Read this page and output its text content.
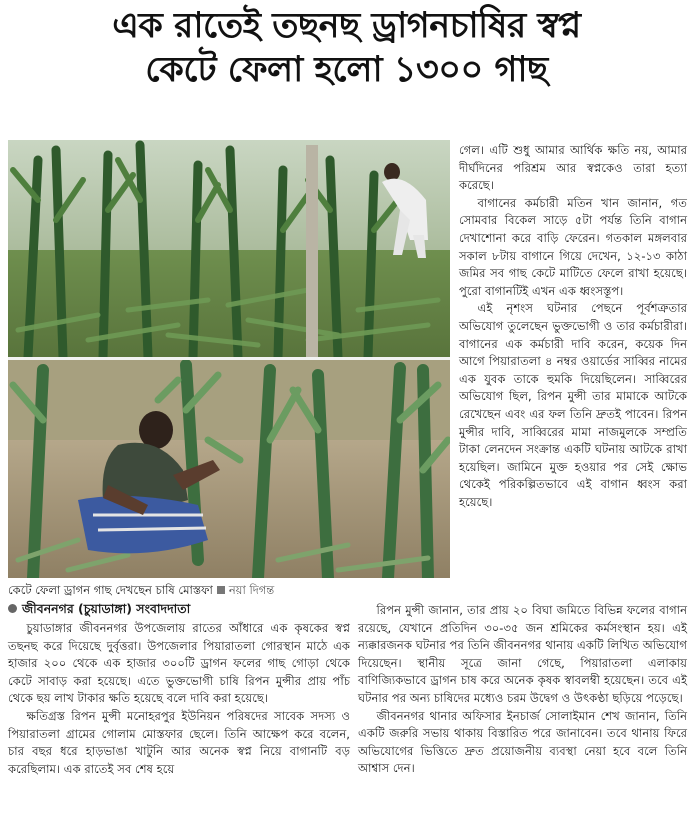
এক রাতেই তছনছ ড্রাগনচাষির স্বপ্ন
কেটে ফেলা হলো ১৩০০ গাছ
কেটে ফেলা ড্রাগন গাছ দেখছেন চাষি মোস্তফা নয়া দিগন্ত
জীবননগর (চুয়াডাঙ্গা) সংবাদদাতা

গেল। এটি শুধু আমার আর্থিক ক্ষতি নয়, আমার দীর্ঘদিনের পরিশ্রম আর স্বপ্নকেও তারা হত্যা করেছে।

বাগানের কর্মচারী মতিন খান জানান, গত সোমবার বিকেল সাড়ে ৫টা পর্যন্ত তিনি বাগান দেখাশোনা করে বাড়ি ফেরেন। গতকাল মঙ্গলবার সকাল ৮টায় বাগানে গিয়ে দেখেন, ১২-১৩ কাঠা জমির সব গাছ কেটে মাটিতে ফেলে রাখা হয়েছে। পুরো বাগানটিই এখন এক ধ্বংসস্তূপ।

এই নৃশংস ঘটনার পেছনে পূর্বশত্রুতার অভিযোগ তুলেছেন ভুক্তভোগী ও তার কর্মচারীরা। বাগানের এক কর্মচারী দাবি করেন, কয়েক দিন আগে পিয়ারাতলা ৪ নম্বর ওয়ার্ডের সাব্বির নামের এক যুবক তাকে হুমকি দিয়েছিলেন। সাব্বিরের অভিযোগ ছিল, রিপন মুন্সী তার মামাকে আটকে রেখেছেন এবং এর ফল তিনি দ্রুতই পাবেন। রিপন মুন্সীর দাবি, সাব্বিরের মামা নাজমুলকে সম্প্রতি টাকা লেনদেন সংক্রান্ত একটি ঘটনায় আটকে রাখা হয়েছিল। জামিনে মুক্ত হওয়ার পর সেই ক্ষোভ থেকেই পরিকল্পিতভাবে এই বাগান ধ্বংস করা হয়েছে।

চুয়াডাঙ্গার জীবননগর উপজেলায় রাতের আঁধারে এক কৃষকের স্বপ্ন তছনছ করে দিয়েছে দুর্বৃত্তরা। উপজেলার পিয়ারাতলা গোরস্থান মাঠে এক হাজার ২০০ থেকে এক হাজার ৩০০টি ড্রাগন ফলের গাছ গোড়া থেকে কেটে সাবাড় করা হয়েছে। এতে ভুক্তভোগী চাষি রিপন মুন্সীর প্রায় পাঁচ থেকে ছয় লাখ টাকার ক্ষতি হয়েছে বলে দাবি করা হয়েছে।

ক্ষতিগ্রস্ত রিপন মুন্সী মনোহরপুর ইউনিয়ন পরিষদের সাবেক সদস্য ও পিয়ারাতলা গ্রামের গোলাম মোস্তফার ছেলে। তিনি আক্ষেপ করে বলেন, চার বছর ধরে হাড়ভাঙা খাটুনি আর অনেক স্বপ্ন নিয়ে বাগানটি বড় করেছিলাম। এক রাতেই সব শেষ হয়ে

রিপন মুন্সী জানান, তার প্রায় ২০ বিঘা জমিতে বিভিন্ন ফলের বাগান রয়েছে, যেখানে প্রতিদিন ৩০-৩৫ জন শ্রমিকের কর্মসংস্থান হয়। এই ন্যক্কারজনক ঘটনার পর তিনি জীবননগর থানায় একটি লিখিত অভিযোগ দিয়েছেন। স্থানীয় সূত্রে জানা গেছে, পিয়ারাতলা এলাকায় বাণিজ্যিকভাবে ড্রাগন চাষ করে অনেক কৃষক স্বাবলম্বী হয়েছেন। তবে এই ঘটনার পর অন্য চাষিদের মধ্যেও চরম উদ্বেগ ও উৎকণ্ঠা ছড়িয়ে পড়েছে।

জীবননগর থানার অফিসার ইনচার্জ সোলাইমান শেখ জানান, তিনি একটি জরুরি সভায় থাকায় বিস্তারিত পরে জানাবেন। তবে থানায় ফিরে অভিযোগের ভিত্তিতে দ্রুত প্রয়োজনীয় ব্যবস্থা নেয়া হবে বলে তিনি আশ্বাস দেন।
